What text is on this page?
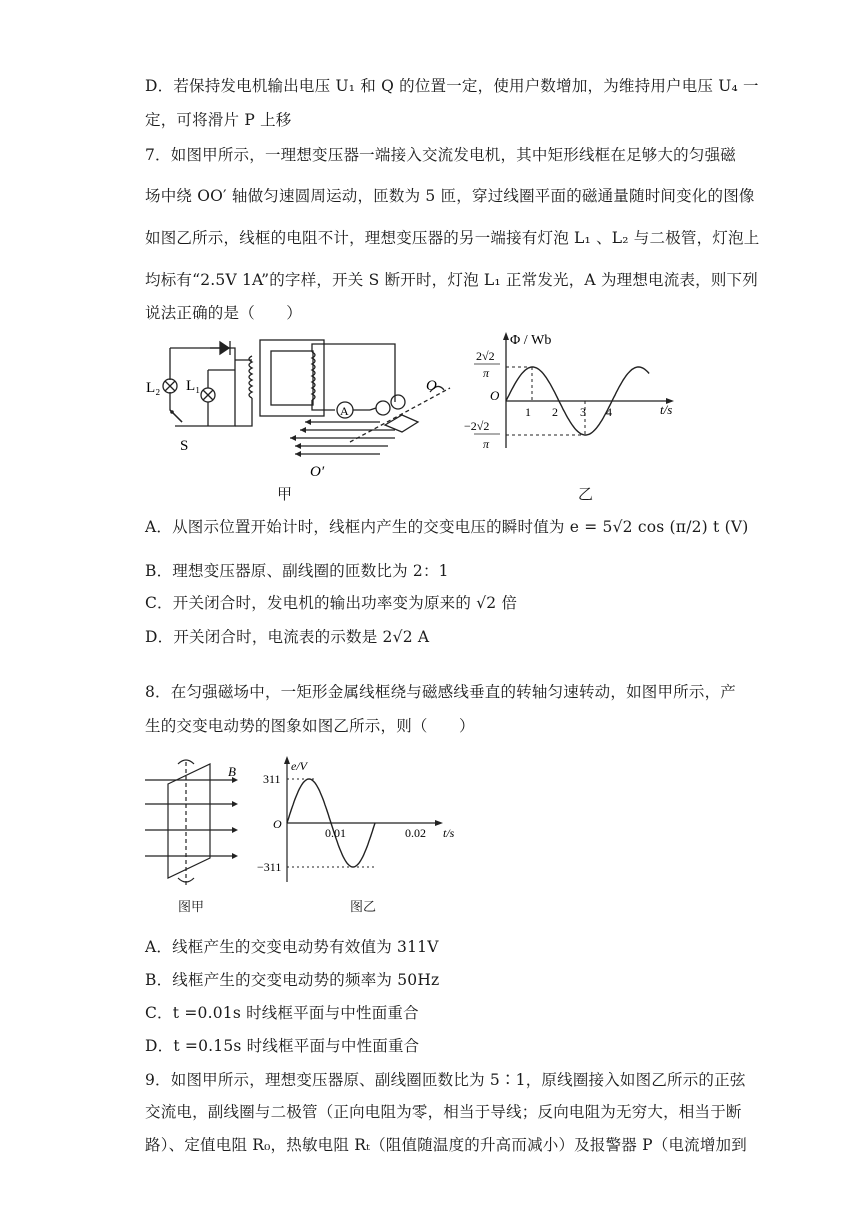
D．若保持发电机输出电压 U₁ 和 Q 的位置一定，使用户数增加，为维持用户电压 U₄ 一
定，可将滑片 P 上移
7．如图甲所示，一理想变压器一端接入交流发电机，其中矩形线框在足够大的匀强磁
场中绕 OO′ 轴做匀速圆周运动，匝数为 5 匝，穿过线圈平面的磁通量随时间变化的图像
如图乙所示，线框的电阻不计，理想变压器的另一端接有灯泡 L₁ 、L₂ 与二极管，灯泡上
均标有“2.5V 1A”的字样，开关 S 断开时，灯泡 L₁ 正常发光，A 为理想电流表，则下列
说法正确的是（　　）
L₂ L₁
S
A
O
O′
甲
Φ / Wb
t/s
O
2√2
π
−2√2
π
1 2 3 4
乙
A．从图示位置开始计时，线框内产生的交变电压的瞬时值为 e = 5√2 cos (π/2) t (V)
B．理想变压器原、副线圈的匝数比为 2：1
C．开关闭合时，发电机的输出功率变为原来的 √2 倍
D．开关闭合时，电流表的示数是 2√2 A
8．在匀强磁场中，一矩形金属线框绕与磁感线垂直的转轴匀速转动，如图甲所示，产
生的交变电动势的图象如图乙所示，则（　　）
B
图甲
e/V
t/s
O
311
−311
0.01	0.02
图乙
A．线框产生的交变电动势有效值为 311V
B．线框产生的交变电动势的频率为 50Hz
C．t =0.01s 时线框平面与中性面重合
D．t =0.15s 时线框平面与中性面重合
9．如图甲所示，理想变压器原、副线圈匝数比为 5∶1，原线圈接入如图乙所示的正弦
交流电，副线圈与二极管（正向电阻为零，相当于导线；反向电阻为无穷大，相当于断
路）、定值电阻 R₀，热敏电阻 Rₜ（阻值随温度的升高而减小）及报警器 P（电流增加到
